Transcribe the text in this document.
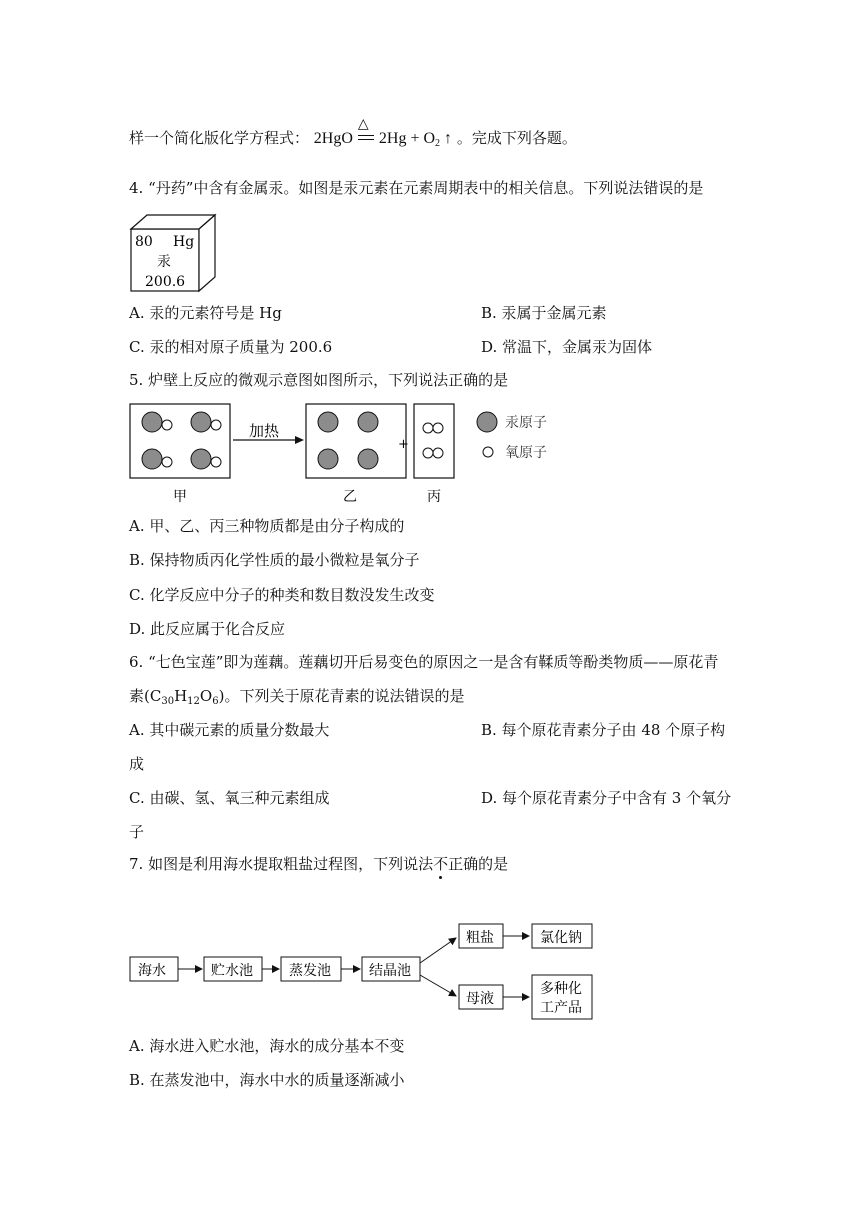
样一个简化版化学方程式： 2HgO
△
$2Hg + O_2$ ↑ 。完成下列各题。
4. “丹药”中含有金属汞。如图是汞元素在元素周期表中的相关信息。下列说法错误的是
80 Hg
汞
200.6
A. 汞的元素符号是 Hg	B. 汞属于金属元素
C. 汞的相对原子质量为 200.6	D. 常温下，金属汞为固体
5. 炉壁上反应的微观示意图如图所示，下列说法正确的是
加热
+
汞原子
氧原子
甲	乙	丙
A. 甲、乙、丙三种物质都是由分子构成的
B. 保持物质丙化学性质的最小微粒是氧分子
C. 化学反应中分子的种类和数目数没发生改变
D. 此反应属于化合反应
6. “七色宝莲”即为莲藕。莲藕切开后易变色的原因之一是含有鞣质等酚类物质——原花青
素$(C_{30}H_{12}O_6)$。下列关于原花青素的说法错误的是
A. 其中碳元素的质量分数最大	B. 每个原花青素分子由 48 个原子构
成
C. 由碳、氢、氧三种元素组成	D. 每个原花青素分子中含有 3 个氧分
子
7. 如图是利用海水提取粗盐过程图，下列说法不正确的是
海水	贮水池	蒸发池	结晶池
粗盐	氯化钠
母液
多种化
工产品
A. 海水进入贮水池，海水的成分基本不变
B. 在蒸发池中，海水中水的质量逐渐减小
